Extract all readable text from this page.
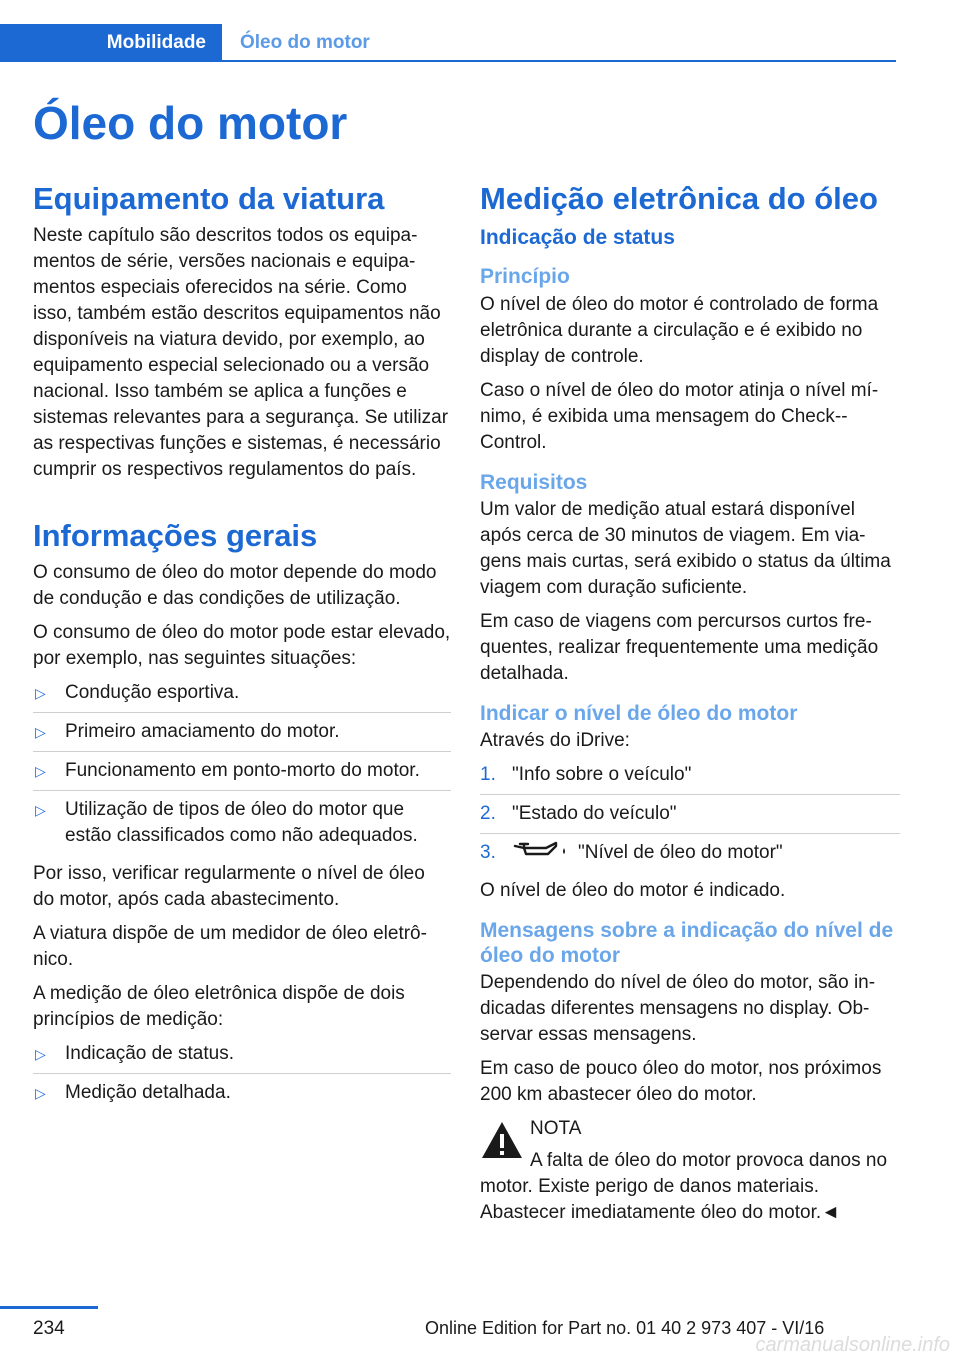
Mobilidade	Óleo do motor
Óleo do motor
Equipamento da viatura

Neste capítulo são descritos todos os equipamentos de série, versões nacionais e equipamentos especiais oferecidos na série. Como isso, também estão descritos equipamentos não disponíveis na viatura devido, por exemplo, ao equipamento especial selecionado ou a versão nacional. Isso também se aplica a funções e sistemas relevantes para a segurança. Se utilizar as respectivas funções e sistemas, é necessário cumprir os respectivos regulamentos do país.

Informações gerais

O consumo de óleo do motor depende do modo de condução e das condições de utilização.

O consumo de óleo do motor pode estar elevado, por exemplo, nas seguintes situações:

▷	Condução esportiva.
▷	Primeiro amaciamento do motor.
▷	Funcionamento em ponto-morto do motor.
▷	Utilização de tipos de óleo do motor que estão classificados como não adequados.

Por isso, verificar regularmente o nível de óleo do motor, após cada abastecimento.

A viatura dispõe de um medidor de óleo eletrônico.

A medição de óleo eletrônica dispõe de dois princípios de medição:

▷	Indicação de status.
▷	Medição detalhada.
Medição eletrônica do óleo
Indicação de status
Princípio

O nível de óleo do motor é controlado de forma eletrônica durante a circulação e é exibido no display de controle.

Caso o nível de óleo do motor atinja o nível mínimo, é exibida uma mensagem do Check-Control.

Requisitos

Um valor de medição atual estará disponível após cerca de 30 minutos de viagem. Em viagens mais curtas, será exibido o status da última viagem com duração suficiente.

Em caso de viagens com percursos curtos frequentes, realizar frequentemente uma medição detalhada.

Indicar o nível de óleo do motor

Através do iDrive:

1. "Info sobre o veículo"
2. "Estado do veículo"
3.	"Nível de óleo do motor"

O nível de óleo do motor é indicado.

Mensagens sobre a indicação do nível de óleo do motor

Dependendo do nível de óleo do motor, são indicadas diferentes mensagens no display. Observar essas mensagens.

Em caso de pouco óleo do motor, nos próximos 200 km abastecer óleo do motor.

NOTA

A falta de óleo do motor provoca danos no motor. Existe perigo de danos materiais. Abastecer imediatamente óleo do motor.◄

234	Online Edition for Part no. 01 40 2 973 407 - VI/16
carmanualsonline.info
